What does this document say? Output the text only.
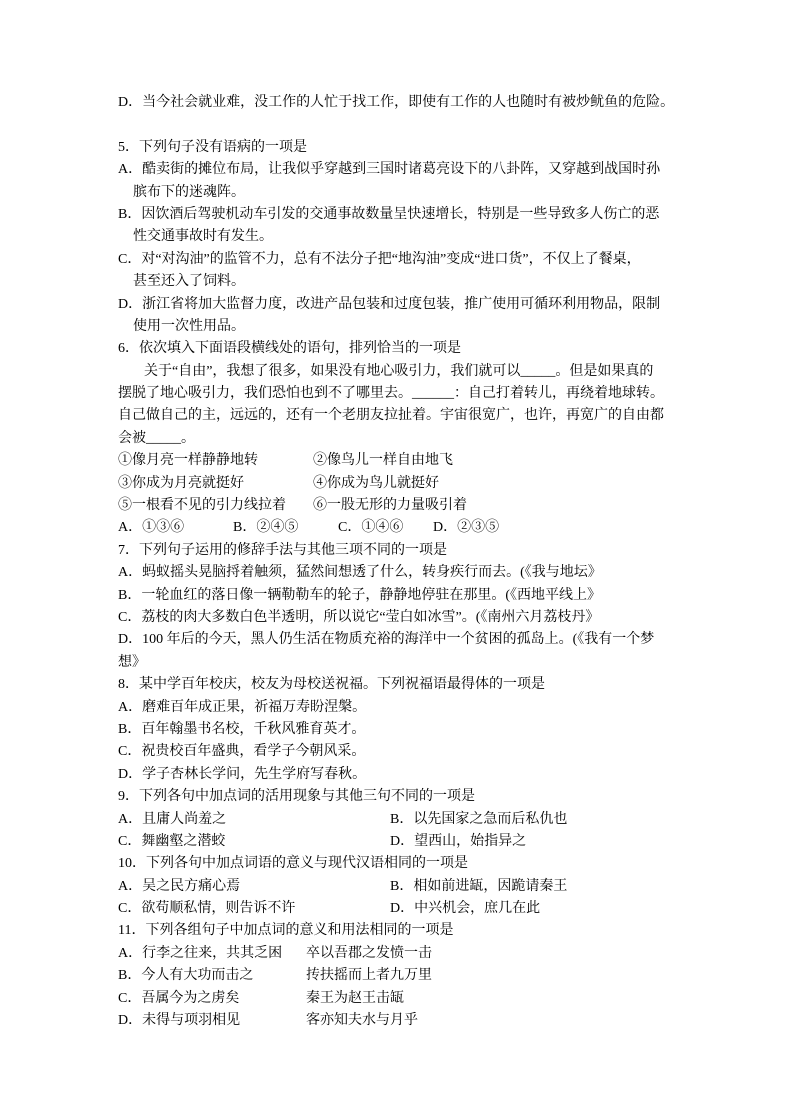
D．当今社会就业难，没工作的人忙于找工作，即使有工作的人也随时有被炒鱿鱼的危险。
5．下列句子没有语病的一项是
A．酷卖街的摊位布局，让我似乎穿越到三国时诸葛亮设下的八卦阵，又穿越到战国时孙
膑布下的迷魂阵。
B．因饮酒后驾驶机动车引发的交通事故数量呈快速增长，特别是一些导致多人伤亡的恶
性交通事故时有发生。
C．对“对沟油”的监管不力，总有不法分子把“地沟油”变成“进口货”，不仅上了餐桌，
甚至还入了饲料。
D．浙江省将加大监督力度，改进产品包装和过度包装，推广使用可循环利用物品，限制
使用一次性用品。
6．依次填入下面语段横线处的语句，排列恰当的一项是
关于“自由”，我想了很多，如果没有地心吸引力，我们就可以_____。但是如果真的
摆脱了地心吸引力，我们恐怕也到不了哪里去。______：自己打着转儿，再绕着地球转。
自己做自己的主，远远的，还有一个老朋友拉扯着。宇宙很宽广，也许，再宽广的自由都
会被_____。
①像月亮一样静静地转	②像鸟儿一样自由地飞
③你成为月亮就挺好	④你成为鸟儿就挺好
⑤一根看不见的引力线拉着 ⑥一股无形的力量吸引着
A．①③⑥	B．②④⑤	C．①④⑥ D．②③⑤
7．下列句子运用的修辞手法与其他三项不同的一项是
A．蚂蚁摇头晃脑捋着触须，猛然间想透了什么，转身疾行而去。(《我与地坛》
B．一轮血红的落日像一辆勒勒车的轮子，静静地停驻在那里。(《西地平线上》
C．荔枝的肉大多数白色半透明，所以说它“莹白如冰雪”。(《南州六月荔枝丹》
D．100 年后的今天，黑人仍生活在物质充裕的海洋中一个贫困的孤岛上。(《我有一个梦
想》
8．某中学百年校庆，校友为母校送祝福。下列祝福语最得体的一项是
A．磨难百年成正果，祈福万寿盼涅槃。
B．百年翰墨书名校，千秋风雅育英才。
C．祝贵校百年盛典，看学子今朝风采。
D．学子杏林长学问，先生学府写春秋。
9．下列各句中加点词的活用现象与其他三句不同的一项是
A．且庸人尚羞之	B．以先国家之急而后私仇也
C．舞幽壑之潜蛟	D．望西山，始指异之
10．下列各句中加点词语的意义与现代汉语相同的一项是
A．吴之民方痛心焉	B．相如前进缻，因跪请秦王
C．欲苟顺私情，则告诉不许	D．中兴机会，庶几在此
11．下列各组句子中加点词的意义和用法相同的一项是
A．行李之往来，共其乏困 卒以吾郡之发愤一击
B．今人有大功而击之	抟扶摇而上者九万里
C．吾属今为之虏矣	秦王为赵王击缻
D．未得与项羽相见	客亦知夫水与月乎
